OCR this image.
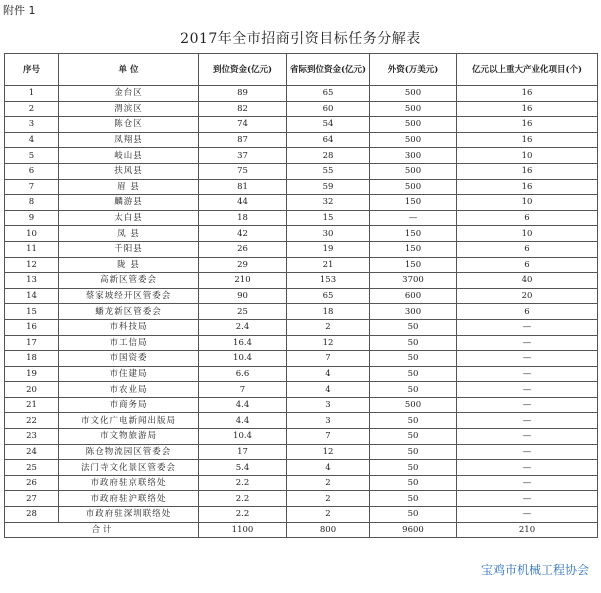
附件 1
2017年全市招商引资目标任务分解表
序号	单 位	到位资金(亿元)	省际到位资金(亿元)	外资(万美元)	亿元以上重大产业化项目(个)
1	金台区	89	65	500	16
2	渭滨区	82	60	500	16
3	陈仓区	74	54	500	16
4	凤翔县	87	64	500	16
5	岐山县	37	28	300	10
6	扶风县	75	55	500	16
7	眉 县	81	59	500	16
8	麟游县	44	32	150	10
9	太白县	18	15	—	6
10	凤 县	42	30	150	10
11	千阳县	26	19	150	6
12	陇 县	29	21	150	6
13	高新区管委会	210	153	3700	40
14	蔡家坡经开区管委会	90	65	600	20
15	蟠龙新区管委会	25	18	300	6
16	市科技局	2.4	2	50	—
17	市工信局	16.4	12	50	—
18	市国资委	10.4	7	50	—
19	市住建局	6.6	4	50	—
20	市农业局	7	4	50	—
21	市商务局	4.4	3	500	—
22	市文化广电新闻出版局	4.4	3	50	—
23	市文物旅游局	10.4	7	50	—
24	陈仓物流园区管委会	17	12	50	—
25	法门寺文化景区管委会	5.4	4	50	—
26	市政府驻京联络处	2.2	2	50	—
27	市政府驻沪联络处	2.2	2	50	—
28	市政府驻深圳联络处	2.2	2	50	—
合 计		1100	800	9600	210
宝鸡市机械工程协会
